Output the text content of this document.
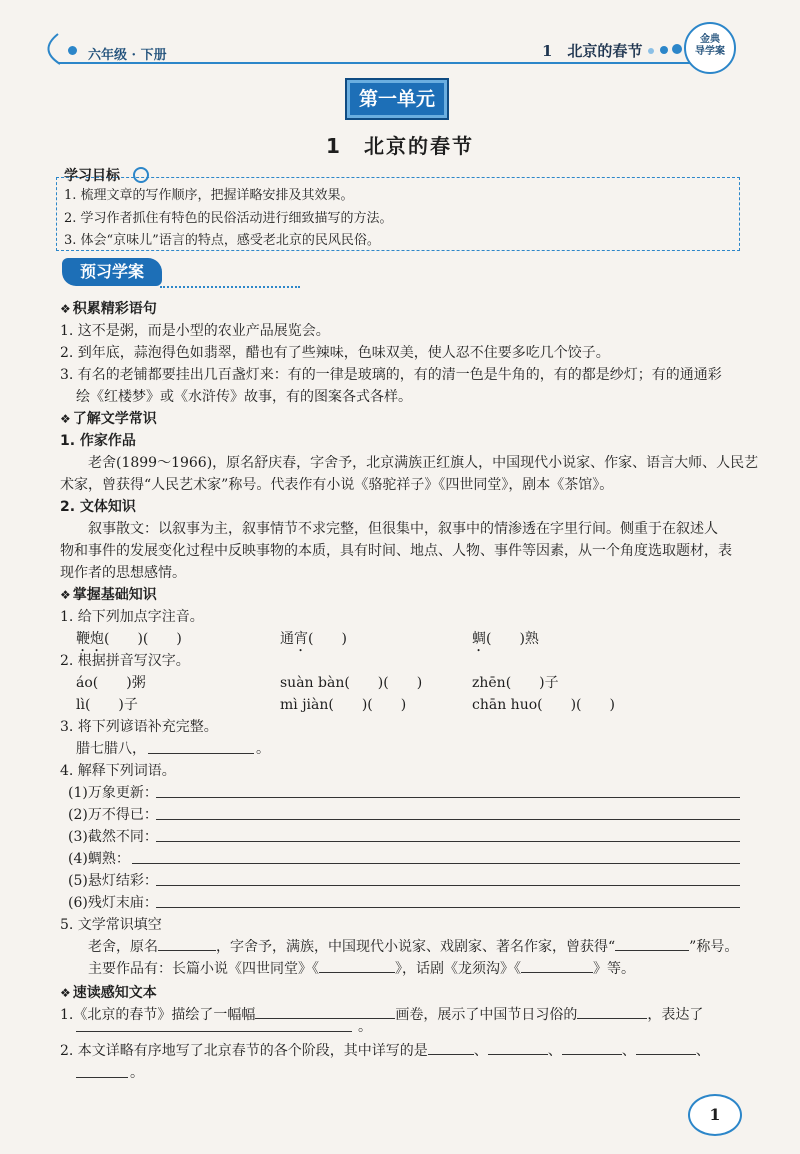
六年级 · 下册	1　北京的春节
金典
导学案
第一单元
1　北京的春节
学习目标
1. 梳理文章的写作顺序，把握详略安排及其效果。
2. 学习作者抓住有特色的民俗活动进行细致描写的方法。
3. 体会“京味儿”语言的特点，感受老北京的民风民俗。
预习学案
❖ 积累精彩语句
1. 这不是粥，而是小型的农业产品展览会。
2. 到年底，蒜泡得色如翡翠，醋也有了些辣味，色味双美，使人忍不住要多吃几个饺子。
3. 有名的老铺都要挂出几百盏灯来：有的一律是玻璃的，有的清一色是牛角的，有的都是纱灯；有的通通彩
绘《红楼梦》或《水浒传》故事，有的图案各式各样。
❖ 了解文学常识
1. 作家作品
老舍(1899～1966)，原名舒庆春，字舍予，北京满族正红旗人，中国现代小说家、作家、语言大师、人民艺
术家，曾获得“人民艺术家”称号。代表作有小说《骆驼祥子》《四世同堂》，剧本《茶馆》。
2. 文体知识
叙事散文：以叙事为主，叙事情节不求完整，但很集中，叙事中的情渗透在字里行间。侧重于在叙述人
物和事件的发展变化过程中反映事物的本质，具有时间、地点、人物、事件等因素，从一个角度选取题材，表
现作者的思想感情。
❖ 掌握基础知识
1. 给下列加点字注音。
鞭炮(　　)(　　)	通宵(　　)	蜩(　　)熟
2. 根据拼音写汉字。
áo(　　)粥	suàn bàn(　　)(　　)	zhēn(　　)子
lì(　　)子	mì jiàn(　　)(　　)	chān huo(　　)(　　)
3. 将下列谚语补充完整。
腊七腊八，	。
4. 解释下列词语。
(1)万象更新：
(2)万不得已：
(3)截然不同：
(4)蜩熟：
(5)悬灯结彩：
(6)残灯末庙：
5. 文学常识填空
老舍，原名	，字舍予，满族，中国现代小说家、戏剧家、著名作家，曾获得“	”称号。
主要作品有：长篇小说《四世同堂》《	》，话剧《龙须沟》《	》等。
❖ 速读感知文本
1.《北京的春节》描绘了一幅幅	画卷，展示了中国节日习俗的	，表达了
。
2. 本文详略有序地写了北京春节的各个阶段，其中详写的是	、	、	、	、
。
1
